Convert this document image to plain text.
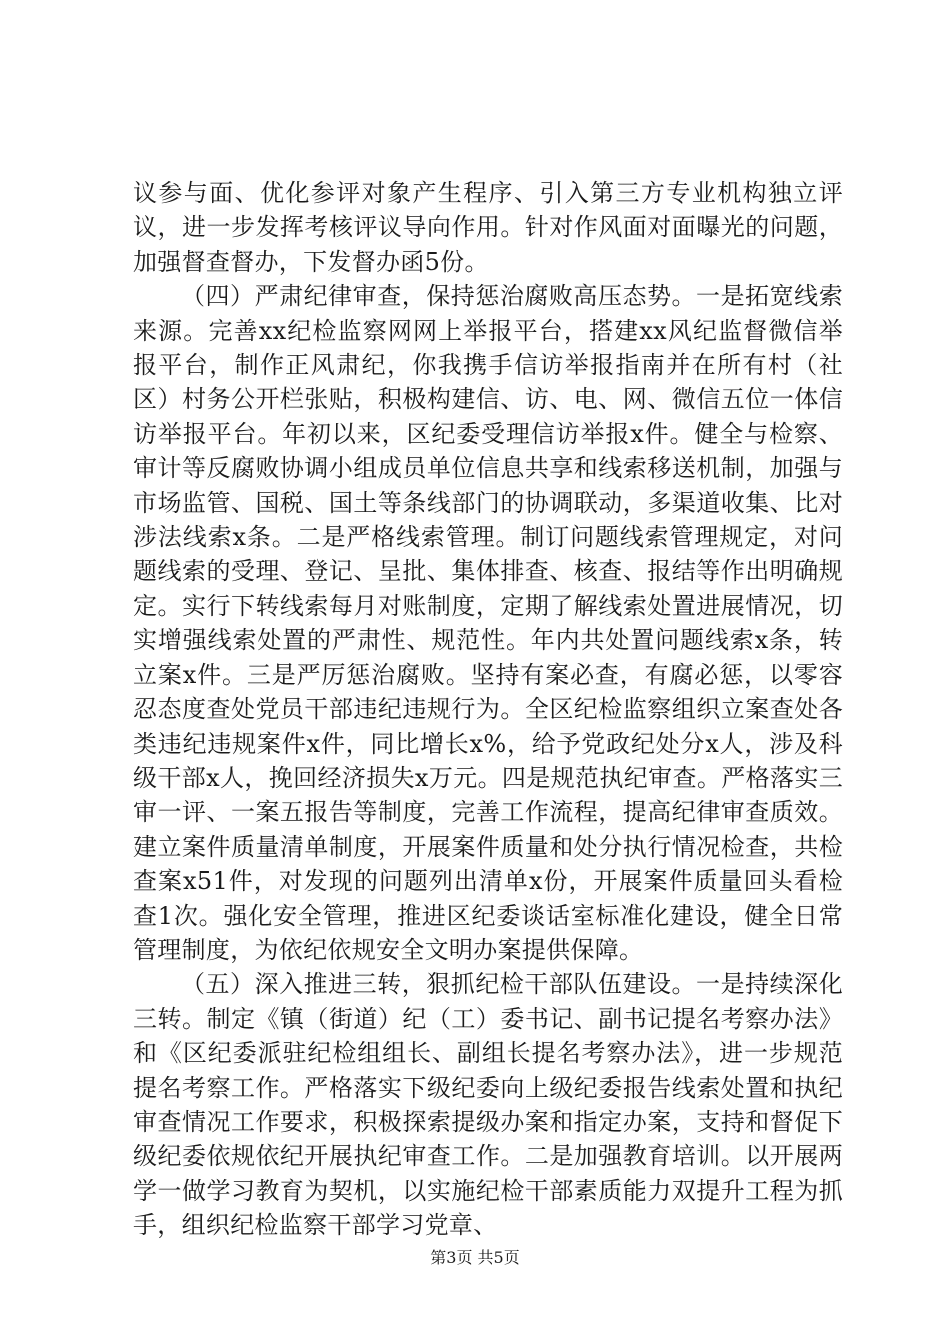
议参与面、优化参评对象产生程序、引入第三方专业机构独立评议，进一步发挥考核评议导向作用。针对作风面对面曝光的问题，加强督查督办，下发督办函5份。

（四）严肃纪律审查，保持惩治腐败高压态势。一是拓宽线索来源。完善xx纪检监察网网上举报平台，搭建xx风纪监督微信举报平台，制作正风肃纪，你我携手信访举报指南并在所有村（社区）村务公开栏张贴，积极构建信、访、电、网、微信五位一体信访举报平台。年初以来，区纪委受理信访举报x件。健全与检察、审计等反腐败协调小组成员单位信息共享和线索移送机制，加强与市场监管、国税、国土等条线部门的协调联动，多渠道收集、比对涉法线索x条。二是严格线索管理。制订问题线索管理规定，对问题线索的受理、登记、呈批、集体排查、核查、报结等作出明确规定。实行下转线索每月对账制度，定期了解线索处置进展情况，切实增强线索处置的严肃性、规范性。年内共处置问题线索x条，转立案x件。三是严厉惩治腐败。坚持有案必查，有腐必惩，以零容忍态度查处党员干部违纪违规行为。全区纪检监察组织立案查处各类违纪违规案件x件，同比增长x%，给予党政纪处分x人，涉及科级干部x人，挽回经济损失x万元。四是规范执纪审查。严格落实三审一评、一案五报告等制度，完善工作流程，提高纪律审查质效。建立案件质量清单制度，开展案件质量和处分执行情况检查，共检查案x51件，对发现的问题列出清单x份，开展案件质量回头看检查1次。强化安全管理，推进区纪委谈话室标准化建设，健全日常管理制度，为依纪依规安全文明办案提供保障。

（五）深入推进三转，狠抓纪检干部队伍建设。一是持续深化三转。制定《镇（街道）纪（工）委书记、副书记提名考察办法》和《区纪委派驻纪检组组长、副组长提名考察办法》，进一步规范提名考察工作。严格落实下级纪委向上级纪委报告线索处置和执纪审查情况工作要求，积极探索提级办案和指定办案，支持和督促下级纪委依规依纪开展执纪审查工作。二是加强教育培训。以开展两学一做学习教育为契机，以实施纪检干部素质能力双提升工程为抓手，组织纪检监察干部学习党章、

第3页 共5页
